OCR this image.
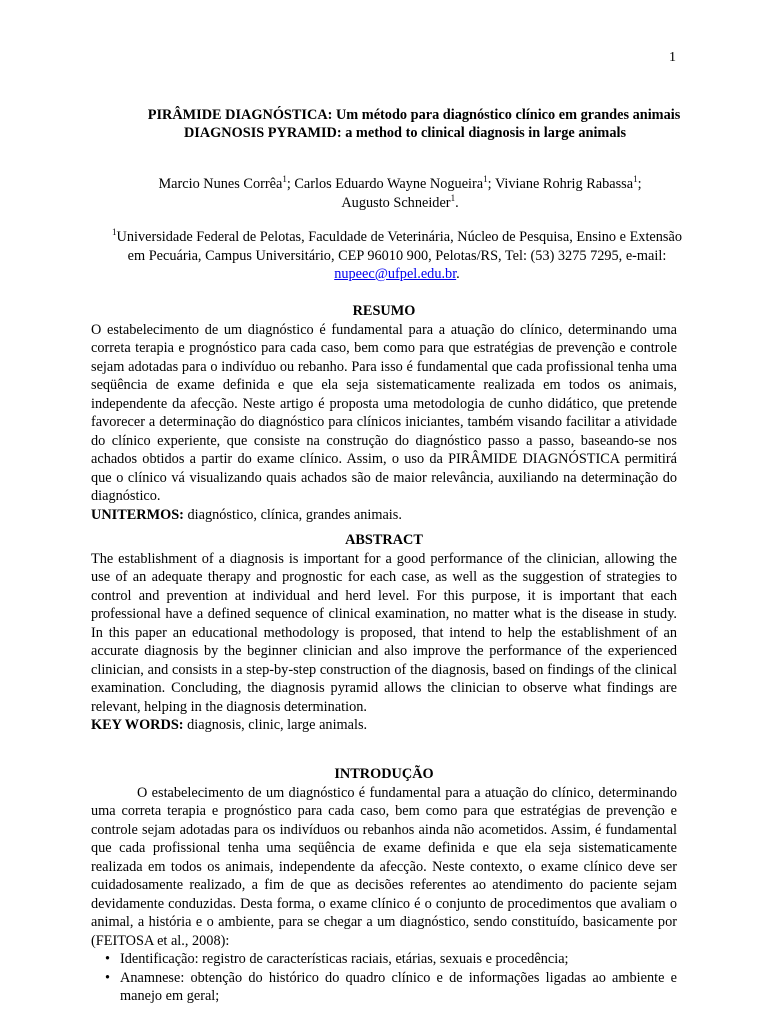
1
PIRÂMIDE DIAGNÓSTICA: Um método para diagnóstico clínico em grandes animais
DIAGNOSIS PYRAMID: a method to clinical diagnosis in large animals
Marcio Nunes Corrêa$^1$; Carlos Eduardo Wayne Nogueira$^1$; Viviane Rohrig Rabassa$^1$;
Augusto Schneider$^1$.
$^1$Universidade Federal de Pelotas, Faculdade de Veterinária, Núcleo de Pesquisa, Ensino e Extensão em Pecuária, Campus Universitário, CEP 96010 900, Pelotas/RS, Tel: (53) 3275 7295, e-mail: nupeec@ufpel.edu.br.
RESUMO
O estabelecimento de um diagnóstico é fundamental para a atuação do clínico, determinando uma correta terapia e prognóstico para cada caso, bem como para que estratégias de prevenção e controle sejam adotadas para o indivíduo ou rebanho. Para isso é fundamental que cada profissional tenha uma seqüência de exame definida e que ela seja sistematicamente realizada em todos os animais, independente da afecção. Neste artigo é proposta uma metodologia de cunho didático, que pretende favorecer a determinação do diagnóstico para clínicos iniciantes, também visando facilitar a atividade do clínico experiente, que consiste na construção do diagnóstico passo a passo, baseando-se nos achados obtidos a partir do exame clínico. Assim, o uso da PIRÂMIDE DIAGNÓSTICA permitirá que o clínico vá visualizando quais achados são de maior relevância, auxiliando na determinação do diagnóstico.
UNITERMOS: diagnóstico, clínica, grandes animais.
ABSTRACT
The establishment of a diagnosis is important for a good performance of the clinician, allowing the use of an adequate therapy and prognostic for each case, as well as the suggestion of strategies to control and prevention at individual and herd level. For this purpose, it is important that each professional have a defined sequence of clinical examination, no matter what is the disease in study. In this paper an educational methodology is proposed, that intend to help the establishment of an accurate diagnosis by the beginner clinician and also improve the performance of the experienced clinician, and consists in a step-by-step construction of the diagnosis, based on findings of the clinical examination. Concluding, the diagnosis pyramid allows the clinician to observe what findings are relevant, helping in the diagnosis determination.
KEY WORDS: diagnosis, clinic, large animals.
INTRODUÇÃO
O estabelecimento de um diagnóstico é fundamental para a atuação do clínico, determinando uma correta terapia e prognóstico para cada caso, bem como para que estratégias de prevenção e controle sejam adotadas para os indivíduos ou rebanhos ainda não acometidos. Assim, é fundamental que cada profissional tenha uma seqüência de exame definida e que ela seja sistematicamente realizada em todos os animais, independente da afecção. Neste contexto, o exame clínico deve ser cuidadosamente realizado, a fim de que as decisões referentes ao atendimento do paciente sejam devidamente conduzidas. Desta forma, o exame clínico é o conjunto de procedimentos que avaliam o animal, a história e o ambiente, para se chegar a um diagnóstico, sendo constituído, basicamente por (FEITOSA et al., 2008):
• Identificação: registro de características raciais, etárias, sexuais e procedência;
• Anamnese: obtenção do histórico do quadro clínico e de informações ligadas ao ambiente e manejo em geral;
